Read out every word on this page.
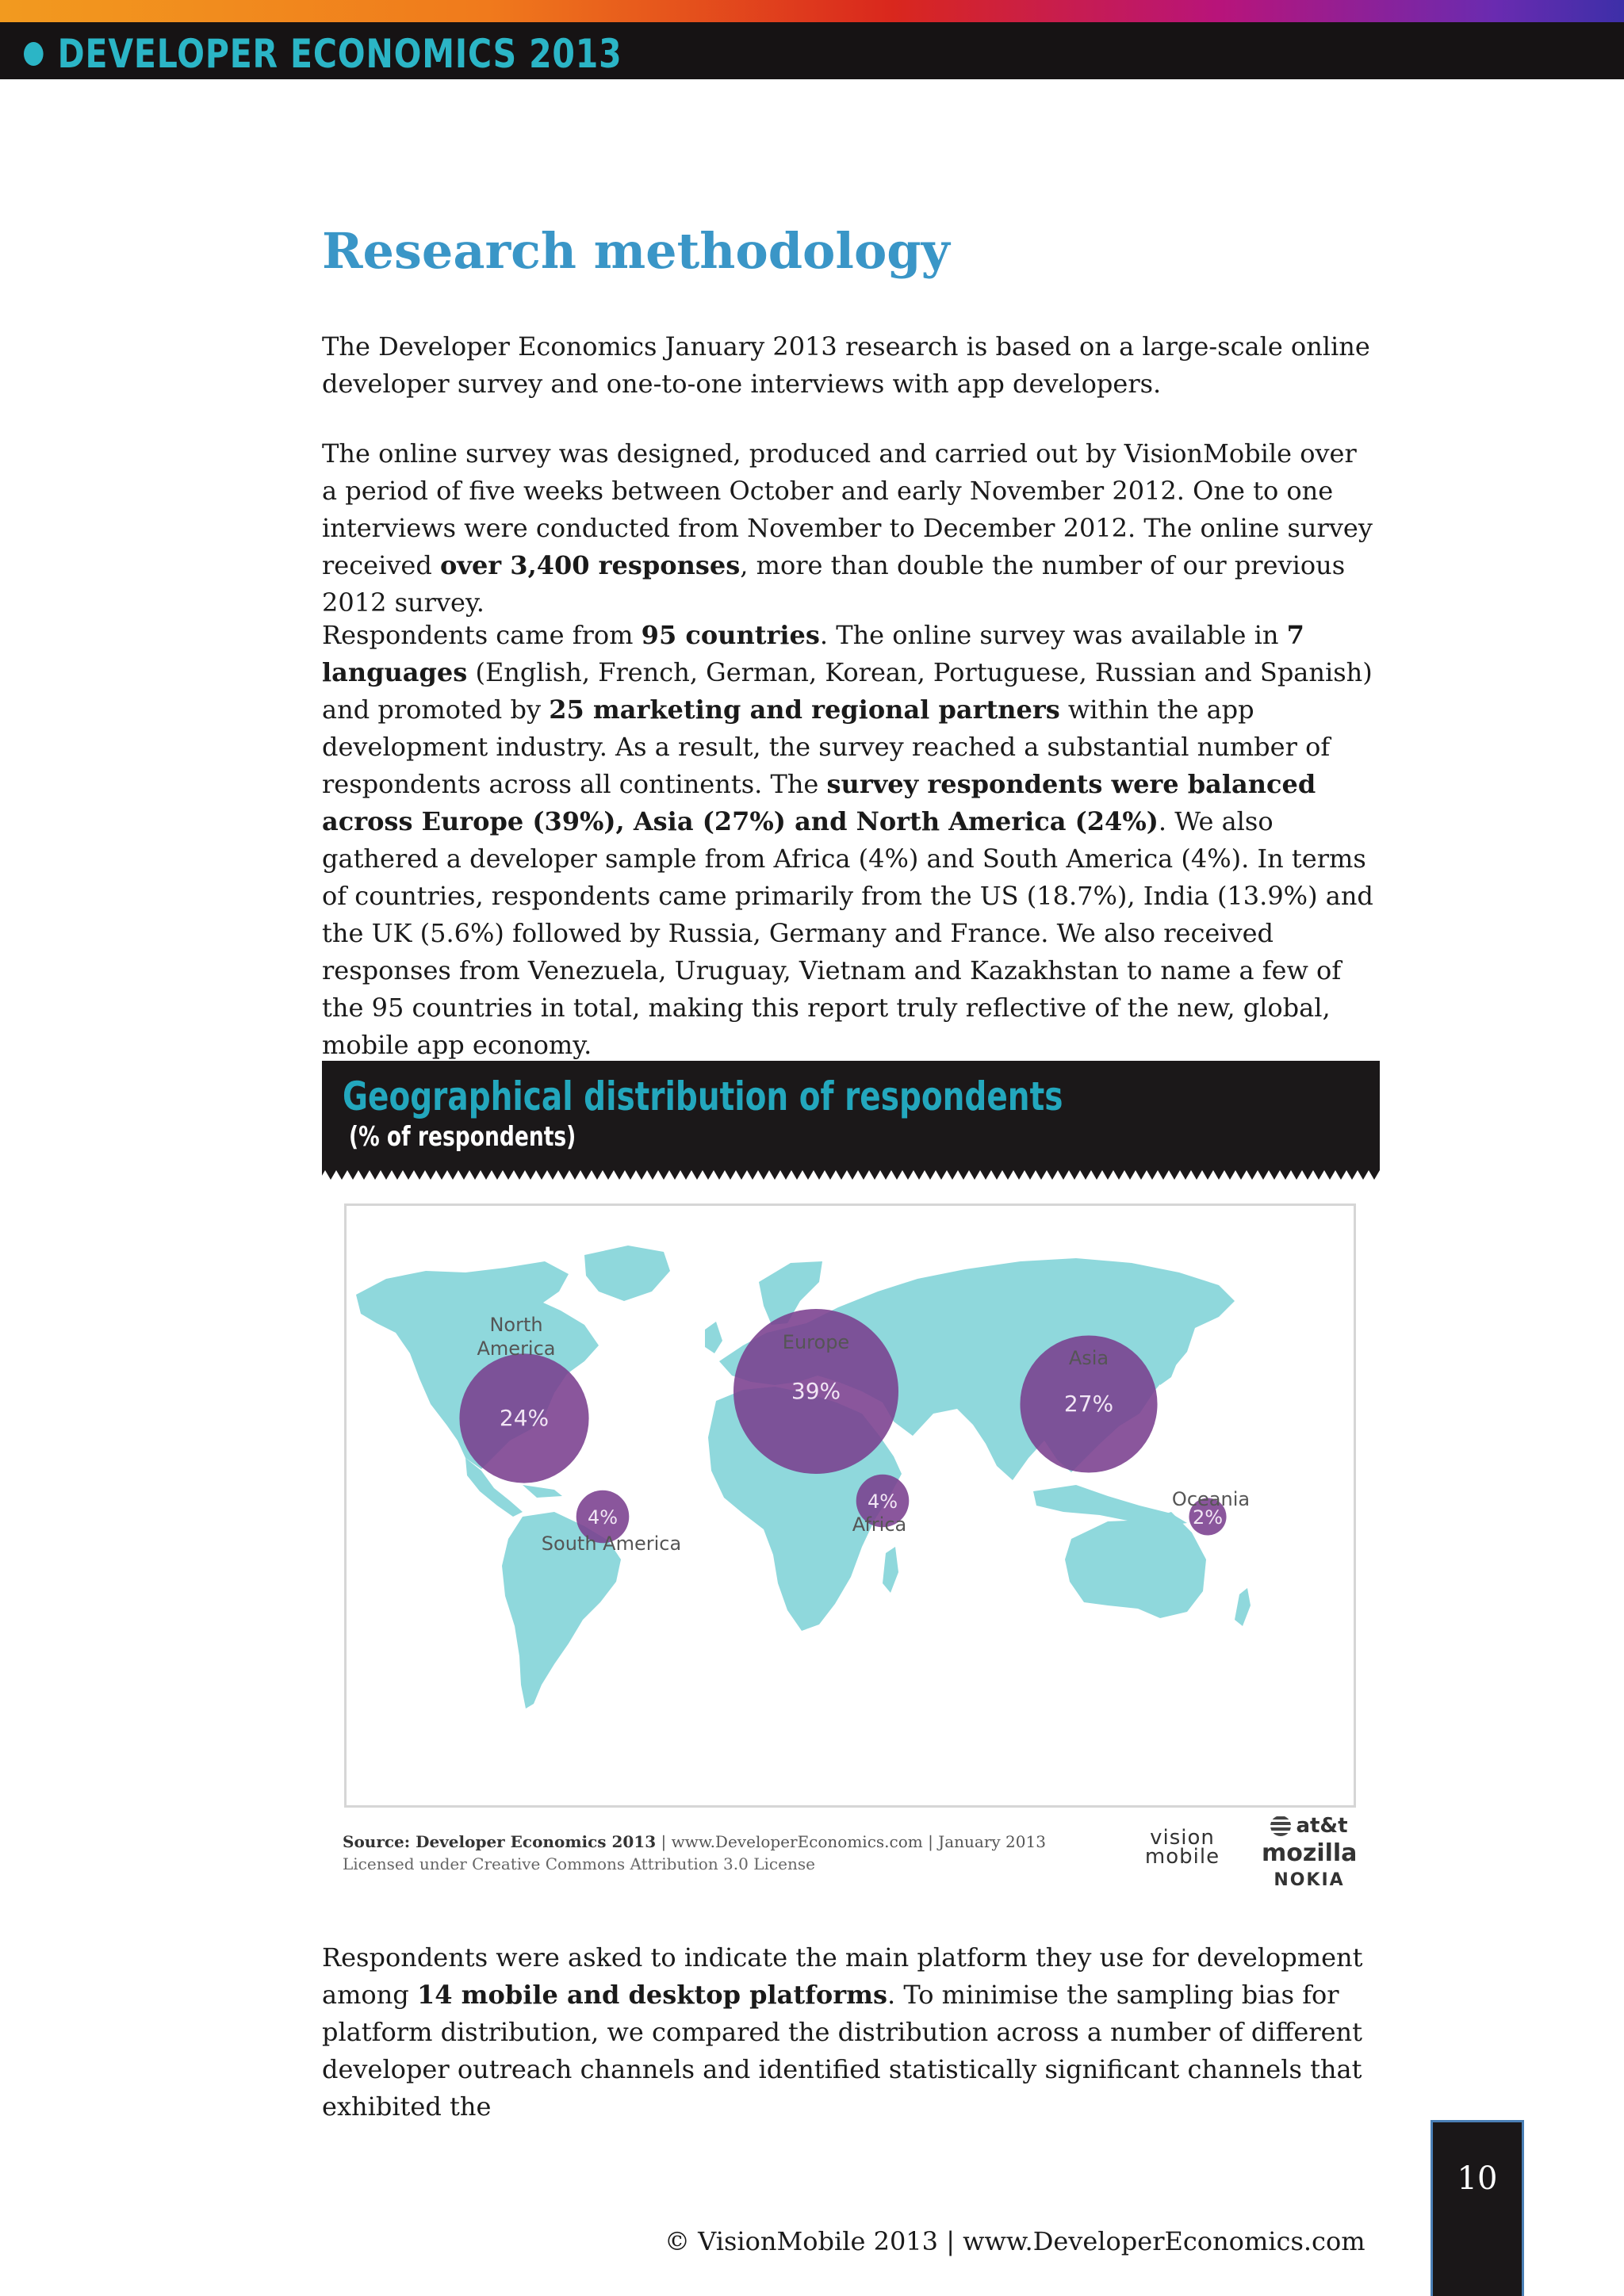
DEVELOPER ECONOMICS 2013
Research methodology

The Developer Economics January 2013 research is based on a large-scale online developer survey and one-to-one interviews with app developers.

The online survey was designed, produced and carried out by VisionMobile over a period of five weeks between October and early November 2012. One to one interviews were conducted from November to December 2012. The online survey received over 3,400 responses, more than double the number of our previous 2012 survey.

Respondents came from 95 countries. The online survey was available in 7 languages (English, French, German, Korean, Portuguese, Russian and Spanish) and promoted by 25 marketing and regional partners within the app development industry. As a result, the survey reached a substantial number of respondents across all continents. The survey respondents were balanced across Europe (39%), Asia (27%) and North America (24%). We also gathered a developer sample from Africa (4%) and South America (4%). In terms of countries, respondents came primarily from the US (18.7%), India (13.9%) and the UK (5.6%) followed by Russia, Germany and France. We also received responses from Venezuela, Uruguay, Vietnam and Kazakhstan to name a few of the 95 countries in total, making this report truly reflective of the new, global, mobile app economy.

Geographical distribution of respondents
(% of respondents)
24%
39%	27%
4%
4%
2%
North
America	Europe
Asia
South America
Africa
Oceania
Source: Developer Economics 2013 | www.DeveloperEconomics.com | January 2013
Licensed under Creative Commons Attribution 3.0 License
vision
mobile
at&t
mozilla
NOKIA

Respondents were asked to indicate the main platform they use for development among 14 mobile and desktop platforms. To minimise the sampling bias for platform distribution, we compared the distribution across a number of different developer outreach channels and identified statistically significant channels that exhibited the

10
© VisionMobile 2013 | www.DeveloperEconomics.com
